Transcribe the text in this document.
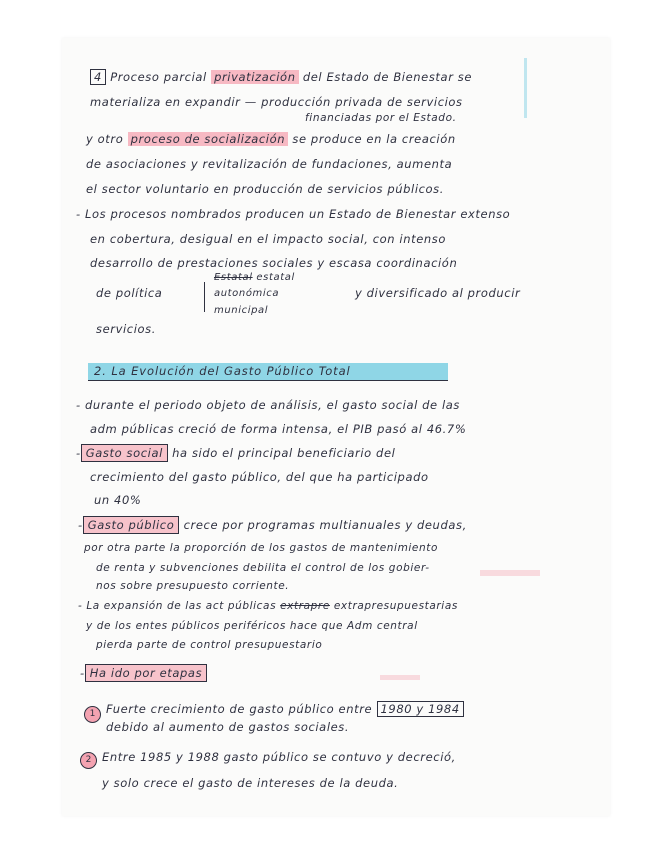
4 Proceso parcial privatización del Estado de Bienestar se
materializa en expandir — producción privada de servicios
financiadas por el Estado.
y otro proceso de socialización se produce en la creación
de asociaciones y revitalización de fundaciones, aumenta
el sector voluntario en producción de servicios públicos.
- Los procesos nombrados producen un Estado de Bienestar extenso
en cobertura, desigual en el impacto social, con intenso
desarrollo de prestaciones sociales y escasa coordinación
de política
Estatal estatal
autonómica
municipal
y diversificado al producir
servicios.
2. La Evolución del Gasto Público Total
- durante el periodo objeto de análisis, el gasto social de las
adm públicas creció de forma intensa, el PIB pasó al 46.7%
- Gasto social ha sido el principal beneficiario del
crecimiento del gasto público, del que ha participado
un 40%
- Gasto público crece por programas multianuales y deudas,
por otra parte la proporción de los gastos de mantenimiento
de renta y subvenciones debilita el control de los gobier-
nos sobre presupuesto corriente.
- La expansión de las act públicas extrapre extrapresupuestarias
y de los entes públicos periféricos hace que Adm central
pierda parte de control presupuestario
- Ha ido por etapas
1 Fuerte crecimiento de gasto público entre 1980 y 1984
debido al aumento de gastos sociales.
2 Entre 1985 y 1988 gasto público se contuvo y decreció,
y solo crece el gasto de intereses de la deuda.
